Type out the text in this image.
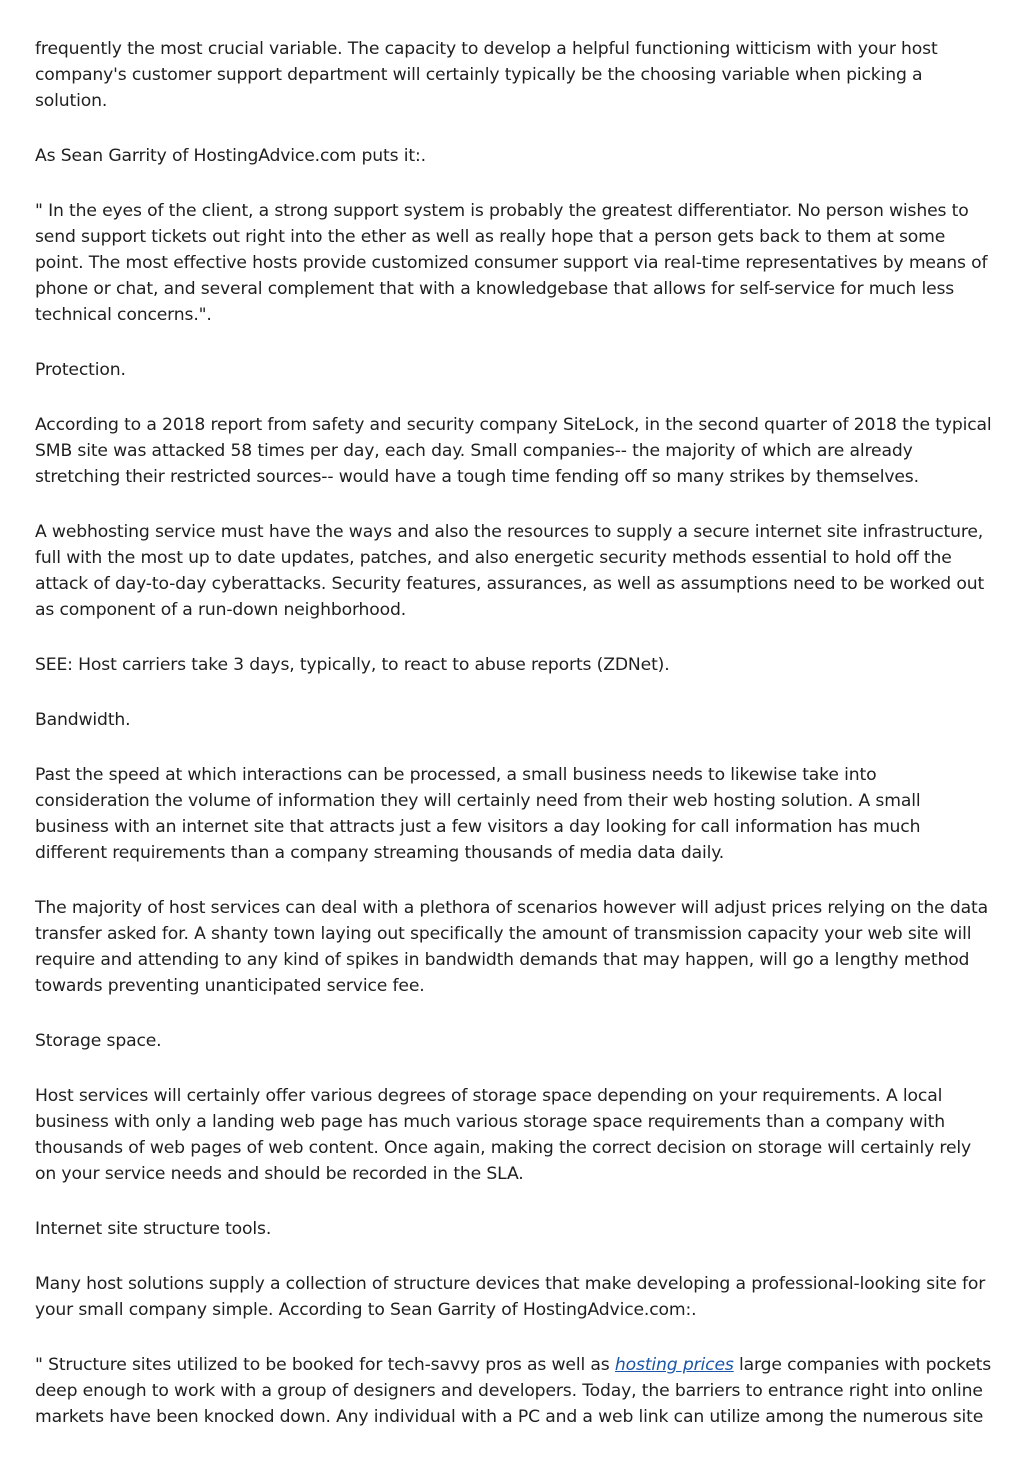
frequently the most crucial variable. The capacity to develop a helpful functioning witticism with your host company's customer support department will certainly typically be the choosing variable when picking a solution.

As Sean Garrity of HostingAdvice.com puts it:.

" In the eyes of the client, a strong support system is probably the greatest differentiator. No person wishes to send support tickets out right into the ether as well as really hope that a person gets back to them at some point. The most effective hosts provide customized consumer support via real-time representatives by means of phone or chat, and several complement that with a knowledgebase that allows for self-service for much less technical concerns.".

Protection.

According to a 2018 report from safety and security company SiteLock, in the second quarter of 2018 the typical SMB site was attacked 58 times per day, each day. Small companies-- the majority of which are already stretching their restricted sources-- would have a tough time fending off so many strikes by themselves.

A webhosting service must have the ways and also the resources to supply a secure internet site infrastructure, full with the most up to date updates, patches, and also energetic security methods essential to hold off the attack of day-to-day cyberattacks. Security features, assurances, as well as assumptions need to be worked out as component of a run-down neighborhood.

SEE: Host carriers take 3 days, typically, to react to abuse reports (ZDNet).

Bandwidth.

Past the speed at which interactions can be processed, a small business needs to likewise take into consideration the volume of information they will certainly need from their web hosting solution. A small business with an internet site that attracts just a few visitors a day looking for call information has much different requirements than a company streaming thousands of media data daily.

The majority of host services can deal with a plethora of scenarios however will adjust prices relying on the data transfer asked for. A shanty town laying out specifically the amount of transmission capacity your web site will require and attending to any kind of spikes in bandwidth demands that may happen, will go a lengthy method towards preventing unanticipated service fee.

Storage space.

Host services will certainly offer various degrees of storage space depending on your requirements. A local business with only a landing web page has much various storage space requirements than a company with thousands of web pages of web content. Once again, making the correct decision on storage will certainly rely on your service needs and should be recorded in the SLA.

Internet site structure tools.

Many host solutions supply a collection of structure devices that make developing a professional-looking site for your small company simple. According to Sean Garrity of HostingAdvice.com:.

" Structure sites utilized to be booked for tech-savvy pros as well as hosting prices large companies with pockets deep enough to work with a group of designers and developers. Today, the barriers to entrance right into online markets have been knocked down. Any individual with a PC and a web link can utilize among the numerous site
